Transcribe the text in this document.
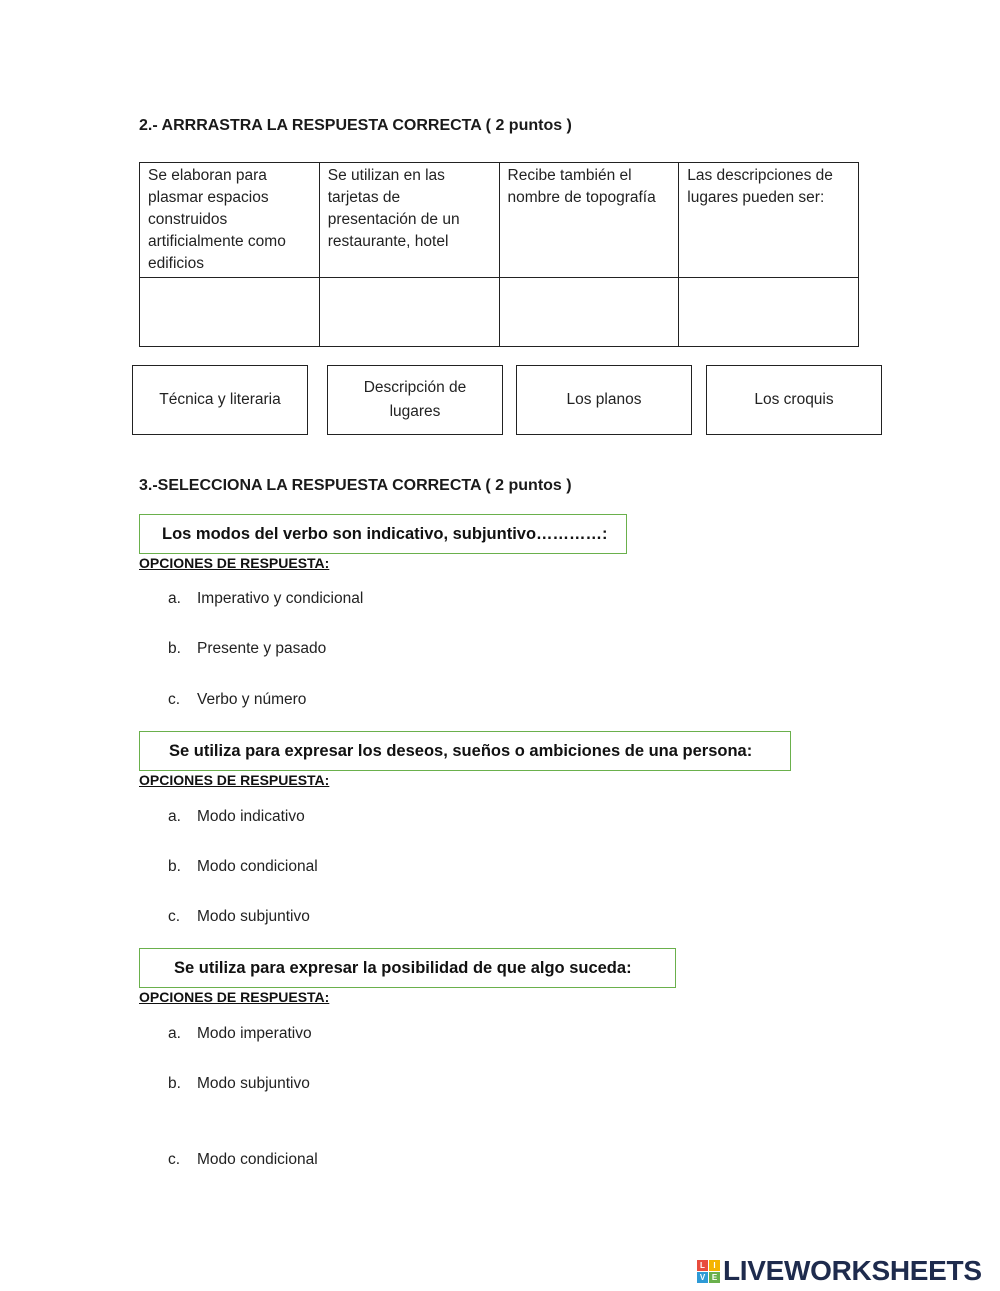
2.- ARRRASTRA LA RESPUESTA CORRECTA ( 2 puntos )
Se elaboran para plasmar espacios construidos artificialmente como edificios	Se utilizan en las tarjetas de presentación de un restaurante, hotel	Recibe también el nombre de topografía	Las descripciones de lugares pueden ser:

Técnica y literaria
Descripción de lugares
Los planos	Los croquis
3.-SELECCIONA LA RESPUESTA CORRECTA ( 2 puntos )
Los modos del verbo son indicativo, subjuntivo…………:
OPCIONES DE RESPUESTA:
a.	Imperativo y condicional
b.	Presente y pasado
c.	Verbo y número
Se utiliza para expresar los deseos, sueños o ambiciones de una persona:
OPCIONES DE RESPUESTA:
a.	Modo indicativo
b.	Modo condicional
c.	Modo subjuntivo
Se utiliza para expresar la posibilidad de que algo suceda:
OPCIONES DE RESPUESTA:
a.	Modo imperativo
b.	Modo subjuntivo
c.	Modo condicional
L	I
V E LIVEWORKSHEETS
